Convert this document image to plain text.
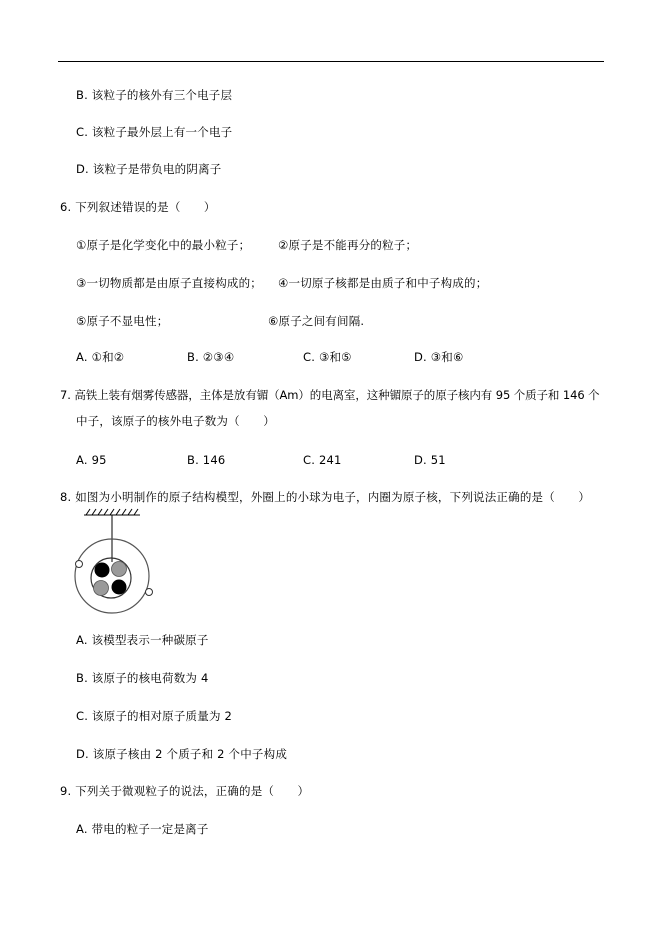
B. 该粒子的核外有三个电子层
C. 该粒子最外层上有一个电子
D. 该粒子是带负电的阴离子
6. 下列叙述错误的是（　　）
①原子是化学变化中的最小粒子； ②原子是不能再分的粒子；
③一切物质都是由原子直接构成的； ④一切原子核都是由质子和中子构成的；
⑤原子不显电性；	⑥原子之间有间隔.
A. ①和②	B. ②③④	C. ③和⑤	D. ③和⑥
7. 高铁上装有烟雾传感器，主体是放有镅（Am）的电离室，这种镅原子的原子核内有 95 个质子和 146 个
中子，该原子的核外电子数为（　　）
A. 95	B. 146	C. 241	D. 51
8. 如图为小明制作的原子结构模型，外圈上的小球为电子，内圈为原子核，下列说法正确的是（　　）
A. 该模型表示一种碳原子
B. 该原子的核电荷数为 4
C. 该原子的相对原子质量为 2
D. 该原子核由 2 个质子和 2 个中子构成
9. 下列关于微观粒子的说法，正确的是（　　）
A. 带电的粒子一定是离子
